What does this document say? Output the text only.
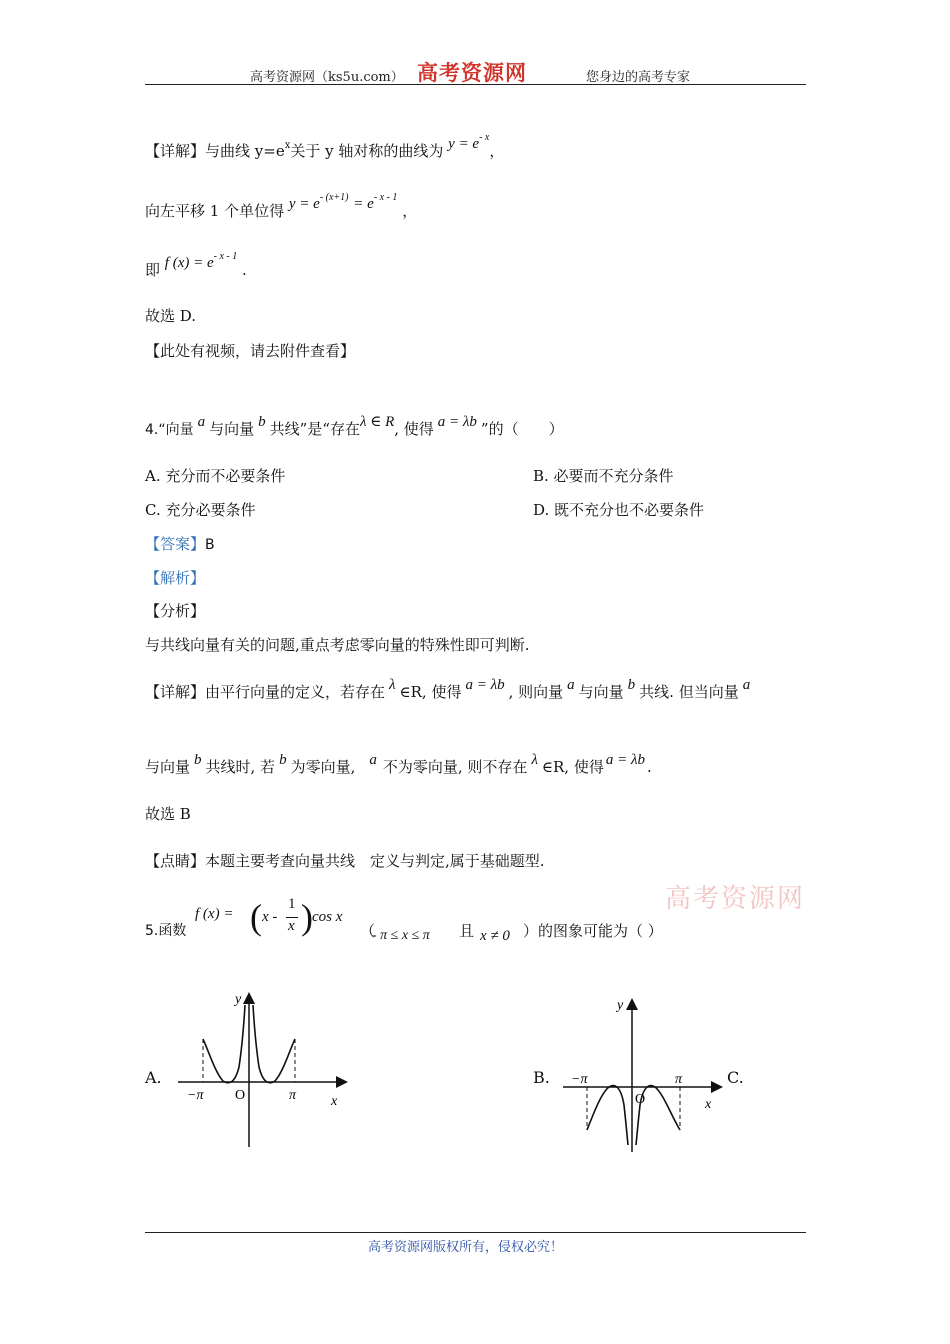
高考资源网（ks5u.com） 高考资源网	您身边的高考专家
【详解】与曲线 $y=e^x$关于 y 轴对称的曲线为 $y = e^{- x}$，
向左平移 1 个单位得 $y = e^{- (x+1)} = e^{- x - 1}$ ，
即 f $(x) = e^{- x - 1}$ .
故选 D.
【此处有视频，请去附件查看】
4.“向量 a 与向量 b 共线”是“存在λ ∈ R, 使得 a = λb ”的（　　）
A. 充分而不必要条件	B. 必要而不充分条件
C. 充分必要条件	D. 既不充分也不必要条件
【答案】B
【解析】
【分析】
与共线向量有关的问题,重点考虑零向量的特殊性即可判断.
【详解】由平行向量的定义，若存在 λ ∈R, 使得 a = λb , 则向量 a 与向量 b 共线. 但当向量 a
与向量 b 共线时, 若 b 为零向量, a 不为零向量, 则不存在 λ ∈R, 使得 a = λb .
故选 B
【点睛】本题主要考查向量共线　定义与判定,属于基础题型.
高考资源网
5.函数
f (x) = ( x -
1
x ) cos x
（
- π ≤ x ≤ π 且 x ≠ 0 ）的图象可能为（ ）
A.	B.	C.
y
x
O
−π	π
y
x
O
−π	π
高考资源网版权所有，侵权必究！
